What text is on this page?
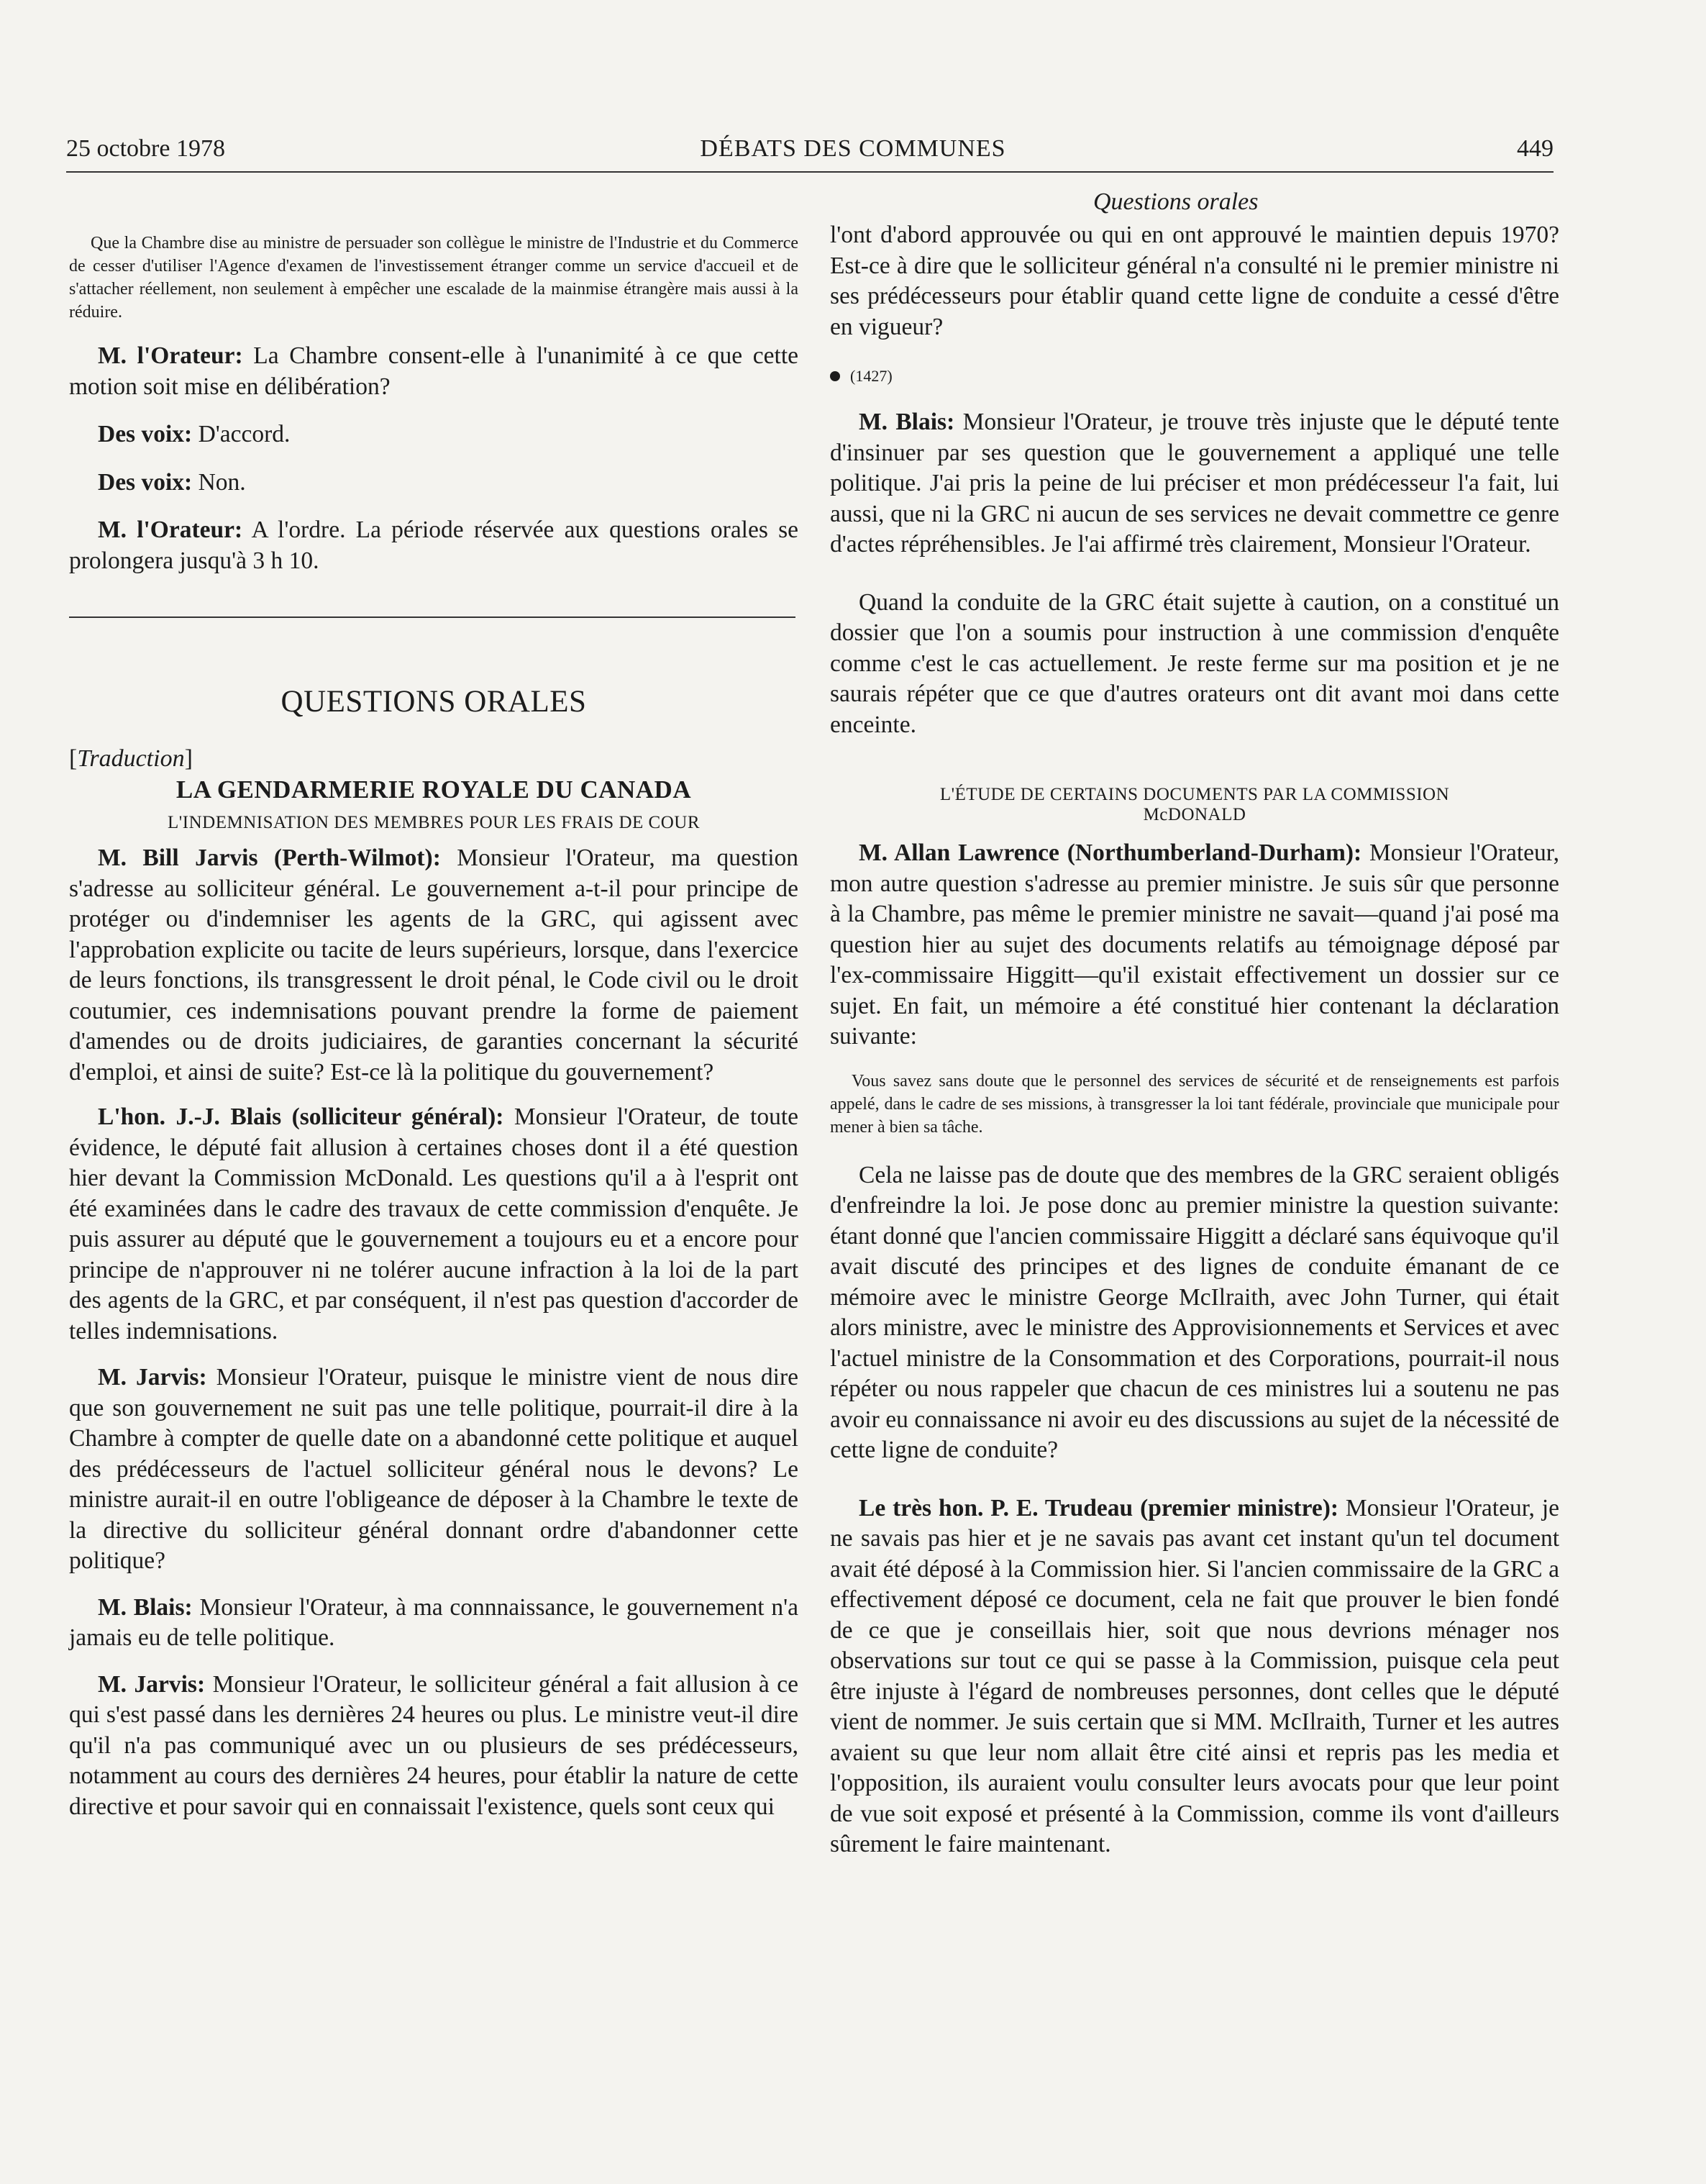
25 octobre 1978	DÉBATS DES COMMUNES	449
Questions orales

Que la Chambre dise au ministre de persuader son collègue le ministre de l'Industrie et du Commerce de cesser d'utiliser l'Agence d'examen de l'investissement étranger comme un service d'accueil et de s'attacher réellement, non seulement à empêcher une escalade de la mainmise étrangère mais aussi à la réduire.

M. l'Orateur: La Chambre consent-elle à l'unanimité à ce que cette motion soit mise en délibération?

Des voix: D'accord.

Des voix: Non.

M. l'Orateur: A l'ordre. La période réservée aux questions orales se prolongera jusqu'à 3 h 10.

QUESTIONS ORALES
[Traduction]
LA GENDARMERIE ROYALE DU CANADA
L'INDEMNISATION DES MEMBRES POUR LES FRAIS DE COUR

M. Bill Jarvis (Perth-Wilmot): Monsieur l'Orateur, ma question s'adresse au solliciteur général. Le gouvernement a-t-il pour principe de protéger ou d'indemniser les agents de la GRC, qui agissent avec l'approbation explicite ou tacite de leurs supérieurs, lorsque, dans l'exercice de leurs fonctions, ils transgressent le droit pénal, le Code civil ou le droit coutumier, ces indemnisations pouvant prendre la forme de paiement d'amendes ou de droits judiciaires, de garanties concernant la sécurité d'emploi, et ainsi de suite? Est-ce là la politique du gouvernement?

L'hon. J.-J. Blais (solliciteur général): Monsieur l'Orateur, de toute évidence, le député fait allusion à certaines choses dont il a été question hier devant la Commission McDonald. Les questions qu'il a à l'esprit ont été examinées dans le cadre des travaux de cette commission d'enquête. Je puis assurer au député que le gouvernement a toujours eu et a encore pour principe de n'approuver ni ne tolérer aucune infraction à la loi de la part des agents de la GRC, et par conséquent, il n'est pas question d'accorder de telles indemnisations.

M. Jarvis: Monsieur l'Orateur, puisque le ministre vient de nous dire que son gouvernement ne suit pas une telle politique, pourrait-il dire à la Chambre à compter de quelle date on a abandonné cette politique et auquel des prédécesseurs de l'actuel solliciteur général nous le devons? Le ministre aurait-il en outre l'obligeance de déposer à la Chambre le texte de la directive du solliciteur général donnant ordre d'abandonner cette politique?

M. Blais: Monsieur l'Orateur, à ma connnaissance, le gouvernement n'a jamais eu de telle politique.

M. Jarvis: Monsieur l'Orateur, le solliciteur général a fait allusion à ce qui s'est passé dans les dernières 24 heures ou plus. Le ministre veut-il dire qu'il n'a pas communiqué avec un ou plusieurs de ses prédécesseurs, notamment au cours des dernières 24 heures, pour établir la nature de cette directive et pour savoir qui en connaissait l'existence, quels sont ceux qui

l'ont d'abord approuvée ou qui en ont approuvé le maintien depuis 1970? Est-ce à dire que le solliciteur général n'a consulté ni le premier ministre ni ses prédécesseurs pour établir quand cette ligne de conduite a cessé d'être en vigueur?

(1427)

M. Blais: Monsieur l'Orateur, je trouve très injuste que le député tente d'insinuer par ses question que le gouvernement a appliqué une telle politique. J'ai pris la peine de lui préciser et mon prédécesseur l'a fait, lui aussi, que ni la GRC ni aucun de ses services ne devait commettre ce genre d'actes répréhensibles. Je l'ai affirmé très clairement, Monsieur l'Orateur.

Quand la conduite de la GRC était sujette à caution, on a constitué un dossier que l'on a soumis pour instruction à une commission d'enquête comme c'est le cas actuellement. Je reste ferme sur ma position et je ne saurais répéter que ce que d'autres orateurs ont dit avant moi dans cette enceinte.

L'ÉTUDE DE CERTAINS DOCUMENTS PAR LA COMMISSION McDONALD

M. Allan Lawrence (Northumberland-Durham): Monsieur l'Orateur, mon autre question s'adresse au premier ministre. Je suis sûr que personne à la Chambre, pas même le premier ministre ne savait—quand j'ai posé ma question hier au sujet des documents relatifs au témoignage déposé par l'ex-commissaire Higgitt—qu'il existait effectivement un dossier sur ce sujet. En fait, un mémoire a été constitué hier contenant la déclaration suivante:

Vous savez sans doute que le personnel des services de sécurité et de renseignements est parfois appelé, dans le cadre de ses missions, à transgresser la loi tant fédérale, provinciale que municipale pour mener à bien sa tâche.

Cela ne laisse pas de doute que des membres de la GRC seraient obligés d'enfreindre la loi. Je pose donc au premier ministre la question suivante: étant donné que l'ancien commissaire Higgitt a déclaré sans équivoque qu'il avait discuté des principes et des lignes de conduite émanant de ce mémoire avec le ministre George McIlraith, avec John Turner, qui était alors ministre, avec le ministre des Approvisionnements et Services et avec l'actuel ministre de la Consommation et des Corporations, pourrait-il nous répéter ou nous rappeler que chacun de ces ministres lui a soutenu ne pas avoir eu connaissance ni avoir eu des discussions au sujet de la nécessité de cette ligne de conduite?

Le très hon. P. E. Trudeau (premier ministre): Monsieur l'Orateur, je ne savais pas hier et je ne savais pas avant cet instant qu'un tel document avait été déposé à la Commission hier. Si l'ancien commissaire de la GRC a effectivement déposé ce document, cela ne fait que prouver le bien fondé de ce que je conseillais hier, soit que nous devrions ménager nos observations sur tout ce qui se passe à la Commission, puisque cela peut être injuste à l'égard de nombreuses personnes, dont celles que le député vient de nommer. Je suis certain que si MM. McIlraith, Turner et les autres avaient su que leur nom allait être cité ainsi et repris pas les media et l'opposition, ils auraient voulu consulter leurs avocats pour que leur point de vue soit exposé et présenté à la Commission, comme ils vont d'ailleurs sûrement le faire maintenant.
